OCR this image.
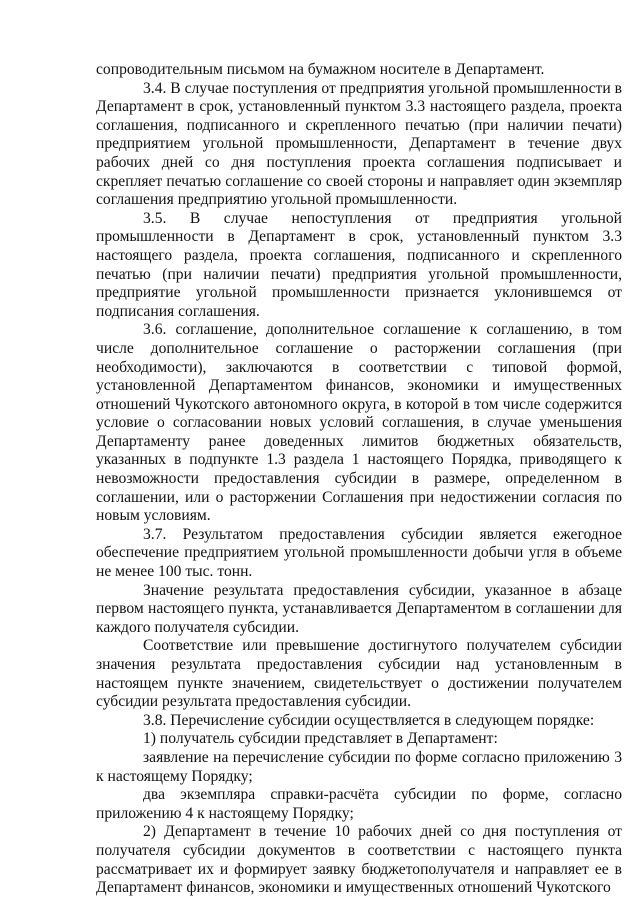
сопроводительным письмом на бумажном носителе в Департамент.

3.4. В случае поступления от предприятия угольной промышленности в Департамент в срок, установленный пунктом 3.3 настоящего раздела, проекта соглашения, подписанного и скрепленного печатью (при наличии печати) предприятием угольной промышленности, Департамент в течение двух рабочих дней со дня поступления проекта соглашения подписывает и скрепляет печатью соглашение со своей стороны и направляет один экземпляр соглашения предприятию угольной промышленности.

3.5. В случае непоступления от предприятия угольной промышленности в Департамент в срок, установленный пунктом 3.3 настоящего раздела, проекта соглашения, подписанного и скрепленного печатью (при наличии печати) предприятия угольной промышленности, предприятие угольной промышленности признается уклонившемся от подписания соглашения.

3.6. соглашение, дополнительное соглашение к соглашению, в том числе дополнительное соглашение о расторжении соглашения (при необходимости), заключаются в соответствии с типовой формой, установленной Департаментом финансов, экономики и имущественных отношений Чукотского автономного округа, в которой в том числе содержится условие о согласовании новых условий соглашения, в случае уменьшения Департаменту ранее доведенных лимитов бюджетных обязательств, указанных в подпункте 1.3 раздела 1 настоящего Порядка, приводящего к невозможности предоставления субсидии в размере, определенном в соглашении, или о расторжении Соглашения при недостижении согласия по новым условиям.

3.7. Результатом предоставления субсидии является ежегодное обеспечение предприятием угольной промышленности добычи угля в объеме не менее 100 тыс. тонн.

Значение результата предоставления субсидии, указанное в абзаце первом настоящего пункта, устанавливается Департаментом в соглашении для каждого получателя субсидии.

Соответствие или превышение достигнутого получателем субсидии значения результата предоставления субсидии над установленным в настоящем пункте значением, свидетельствует о достижении получателем субсидии результата предоставления субсидии.

3.8. Перечисление субсидии осуществляется в следующем порядке:

1) получатель субсидии представляет в Департамент:

заявление на перечисление субсидии по форме согласно приложению 3 к настоящему Порядку;

два экземпляра справки-расчёта субсидии по форме, согласно приложению 4 к настоящему Порядку;

2) Департамент в течение 10 рабочих дней со дня поступления от получателя субсидии документов в соответствии с настоящего пункта рассматривает их и формирует заявку бюджетополучателя и направляет ее в Департамент финансов, экономики и имущественных отношений Чукотского
